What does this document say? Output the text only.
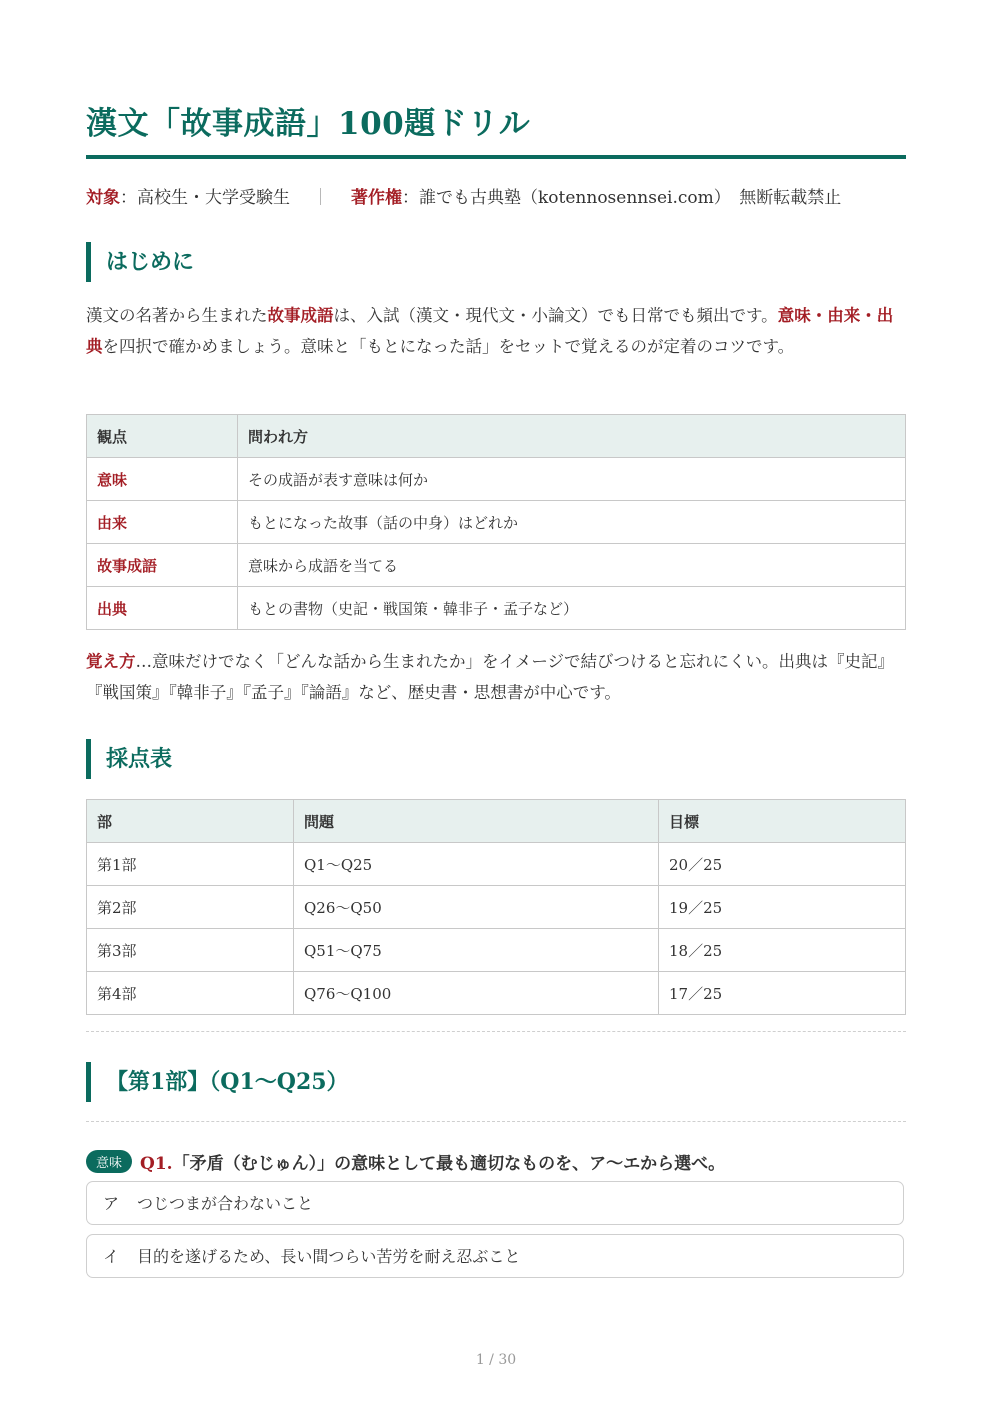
漢文「故事成語」100題ドリル
対象：高校生・大学受験生 ｜ 著作権：誰でも古典塾（kotennosennsei.com）　無断転載禁止
はじめに
漢文の名著から生まれた故事成語は、入試（漢文・現代文・小論文）でも日常でも頻出です。意味・由来・出典を四択で確かめましょう。意味と「もとになった話」をセットで覚えるのが定着のコツです。
観点	問われ方
意味	その成語が表す意味は何か
由来	もとになった故事（話の中身）はどれか
故事成語	意味から成語を当てる
出典	もとの書物（史記・戦国策・韓非子・孟子など）
覚え方…意味だけでなく「どんな話から生まれたか」をイメージで結びつけると忘れにくい。出典は『史記』『戦国策』『韓非子』『孟子』『論語』など、歴史書・思想書が中心です。
採点表
部	問題	目標
第1部	Q1〜Q25	20／25
第2部	Q26〜Q50	19／25
第3部	Q51〜Q75	18／25
第4部	Q76〜Q100	17／25
【第1部】（Q1〜Q25）
意味 Q1.「矛盾（むじゅん）」の意味として最も適切なものを、ア〜エから選べ。
ア つじつまが合わないこと
イ 目的を遂げるため、長い間つらい苦労を耐え忍ぶこと
1 / 30
